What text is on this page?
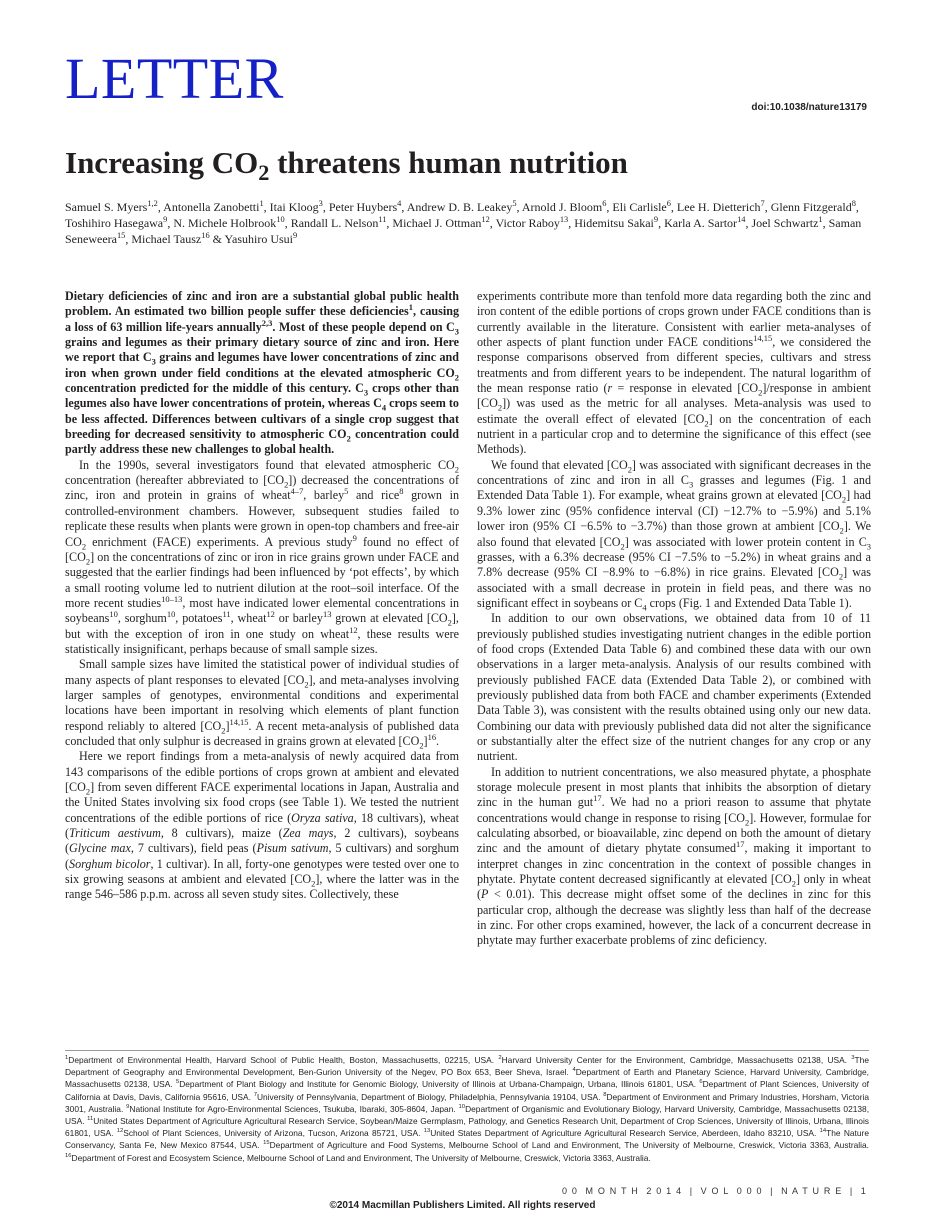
LETTER	doi:10.1038/nature13179
Increasing $CO_2$ threatens human nutrition
Samuel S. Myers$^{1,2}$, Antonella Zanobetti$^1$, Itai Kloog$^3$, Peter Huybers$^4$, Andrew D. B. Leakey$^5$, Arnold J. Bloom$^6$, Eli Carlisle$^6$, Lee H. Dietterich$^7$, Glenn Fitzgerald$^8$, Toshihiro Hasegawa$^9$, N. Michele Holbrook$^{10}$, Randall L. Nelson$^{11}$, Michael J. Ottman$^{12}$, Victor Raboy$^{13}$, Hidemitsu Sakai$^9$, Karla A. Sartor$^{14}$, Joel Schwartz$^1$, Saman Seneweera$^{15}$, Michael Tausz$^{16}$ & Yasuhiro Usui$^9$

Dietary deficiencies of zinc and iron are a substantial global public health problem. An estimated two billion people suffer these deficiencies$^1$, causing a loss of 63 million life-years annually$^{2,3}$. Most of these people depend on $C_3$ grains and legumes as their primary dietary source of zinc and iron. Here we report that $C_3$ grains and legumes have lower concentrations of zinc and iron when grown under field conditions at the elevated atmospheric $CO_2$ concentration predicted for the middle of this century. $C_3$ crops other than legumes also have lower concentrations of protein, whereas $C_4$ crops seem to be less affected. Differences between cultivars of a single crop suggest that breeding for decreased sensitivity to atmospheric $CO_2$ concentration could partly address these new challenges to global health.

In the 1990s, several investigators found that elevated atmospheric $CO_2$ concentration (hereafter abbreviated to $[CO_2]$) decreased the concentrations of zinc, iron and protein in grains of wheat$^{4-7}$, barley$^5$ and rice$^8$ grown in controlled-environment chambers. However, subsequent studies failed to replicate these results when plants were grown in open-top chambers and free-air $CO_2$ enrichment (FACE) experiments. A previous study$^9$ found no effect of $[CO_2]$ on the concentrations of zinc or iron in rice grains grown under FACE and suggested that the earlier findings had been influenced by ‘pot effects’, by which a small rooting volume led to nutrient dilution at the root–soil interface. Of the more recent studies$^{10-13}$, most have indicated lower elemental concentrations in soybeans$^{10}$, sorghum$^{10}$, potatoes$^{11}$, wheat$^{12}$ or barley$^{13}$ grown at elevated $[CO_2]$, but with the exception of iron in one study on wheat$^{12}$, these results were statistically insignificant, perhaps because of small sample sizes.

Small sample sizes have limited the statistical power of individual studies of many aspects of plant responses to elevated $[CO_2]$, and meta-analyses involving larger samples of genotypes, environmental conditions and experimental locations have been important in resolving which elements of plant function respond reliably to altered $[CO_2]^{14,15}$. A recent meta-analysis of published data concluded that only sulphur is decreased in grains grown at elevated $[CO_2]^{16}$.

Here we report findings from a meta-analysis of newly acquired data from 143 comparisons of the edible portions of crops grown at ambient and elevated $[CO_2]$ from seven different FACE experimental locations in Japan, Australia and the United States involving six food crops (see Table 1). We tested the nutrient concentrations of the edible portions of rice (Oryza sativa, 18 cultivars), wheat (Triticum aestivum, 8 cultivars), maize (Zea mays, 2 cultivars), soybeans (Glycine max, 7 cultivars), field peas (Pisum sativum, 5 cultivars) and sorghum (Sorghum bicolor, 1 cultivar). In all, forty-one genotypes were tested over one to six growing seasons at ambient and elevated $[CO_2]$, where the latter was in the range 546–586 p.p.m. across all seven study sites. Collectively, these

experiments contribute more than tenfold more data regarding both the zinc and iron content of the edible portions of crops grown under FACE conditions than is currently available in the literature. Consistent with earlier meta-analyses of other aspects of plant function under FACE conditions$^{14,15}$, we considered the response comparisons observed from different species, cultivars and stress treatments and from different years to be independent. The natural logarithm of the mean response ratio (r = response in elevated $[CO_2]$/response in ambient $[CO_2]$) was used as the metric for all analyses. Meta-analysis was used to estimate the overall effect of elevated $[CO_2]$ on the concentration of each nutrient in a particular crop and to determine the significance of this effect (see Methods).

We found that elevated $[CO_2]$ was associated with significant decreases in the concentrations of zinc and iron in all $C_3$ grasses and legumes (Fig. 1 and Extended Data Table 1). For example, wheat grains grown at elevated $[CO_2]$ had 9.3% lower zinc (95% confidence interval (CI) −12.7% to −5.9%) and 5.1% lower iron (95% CI −6.5% to −3.7%) than those grown at ambient $[CO_2]$. We also found that elevated $[CO_2]$ was associated with lower protein content in $C_3$ grasses, with a 6.3% decrease (95% CI −7.5% to −5.2%) in wheat grains and a 7.8% decrease (95% CI −8.9% to −6.8%) in rice grains. Elevated $[CO_2]$ was associated with a small decrease in protein in field peas, and there was no significant effect in soybeans or $C_4$ crops (Fig. 1 and Extended Data Table 1).

In addition to our own observations, we obtained data from 10 of 11 previously published studies investigating nutrient changes in the edible portion of food crops (Extended Data Table 6) and combined these data with our own observations in a larger meta-analysis. Analysis of our results combined with previously published FACE data (Extended Data Table 2), or combined with previously published data from both FACE and chamber experiments (Extended Data Table 3), was consistent with the results obtained using only our new data. Combining our data with previously published data did not alter the significance or substantially alter the effect size of the nutrient changes for any crop or any nutrient.

In addition to nutrient concentrations, we also measured phytate, a phosphate storage molecule present in most plants that inhibits the absorption of dietary zinc in the human gut$^{17}$. We had no a priori reason to assume that phytate concentrations would change in response to rising $[CO_2]$. However, formulae for calculating absorbed, or bioavailable, zinc depend on both the amount of dietary zinc and the amount of dietary phytate consumed$^{17}$, making it important to interpret changes in zinc concentration in the context of possible changes in phytate. Phytate content decreased significantly at elevated $[CO_2]$ only in wheat (P < 0.01). This decrease might offset some of the declines in zinc for this particular crop, although the decrease was slightly less than half of the decrease in zinc. For other crops examined, however, the lack of a concurrent decrease in phytate may further exacerbate problems of zinc deficiency.

$^1$Department of Environmental Health, Harvard School of Public Health, Boston, Massachusetts, 02215, USA. $^2$Harvard University Center for the Environment, Cambridge, Massachusetts 02138, USA. $^3$The Department of Geography and Environmental Development, Ben-Gurion University of the Negev, PO Box 653, Beer Sheva, Israel. $^4$Department of Earth and Planetary Science, Harvard University, Cambridge, Massachusetts 02138, USA. $^5$Department of Plant Biology and Institute for Genomic Biology, University of Illinois at Urbana-Champaign, Urbana, Illinois 61801, USA. $^6$Department of Plant Sciences, University of California at Davis, Davis, California 95616, USA. $^7$University of Pennsylvania, Department of Biology, Philadelphia, Pennsylvania 19104, USA. $^8$Department of Environment and Primary Industries, Horsham, Victoria 3001, Australia. $^9$National Institute for Agro-Environmental Sciences, Tsukuba, Ibaraki, 305-8604, Japan. $^{10}$Department of Organismic and Evolutionary Biology, Harvard University, Cambridge, Massachusetts 02138, USA. $^{11}$United States Department of Agriculture Agricultural Research Service, Soybean/Maize Germplasm, Pathology, and Genetics Research Unit, Department of Crop Sciences, University of Illinois, Urbana, Illinois 61801, USA. $^{12}$School of Plant Sciences, University of Arizona, Tucson, Arizona 85721, USA. $^{13}$United States Department of Agriculture Agricultural Research Service, Aberdeen, Idaho 83210, USA. $^{14}$The Nature Conservancy, Santa Fe, New Mexico 87544, USA. $^{15}$Department of Agriculture and Food Systems, Melbourne School of Land and Environment, The University of Melbourne, Creswick, Victoria 3363, Australia. $^{16}$Department of Forest and Ecosystem Science, Melbourne School of Land and Environment, The University of Melbourne, Creswick, Victoria 3363, Australia.
0 0  M O N T H  2 0 1 4  |  V O L  0 0 0  |  N A T U R E  |  1
©2014 Macmillan Publishers Limited. All rights reserved
